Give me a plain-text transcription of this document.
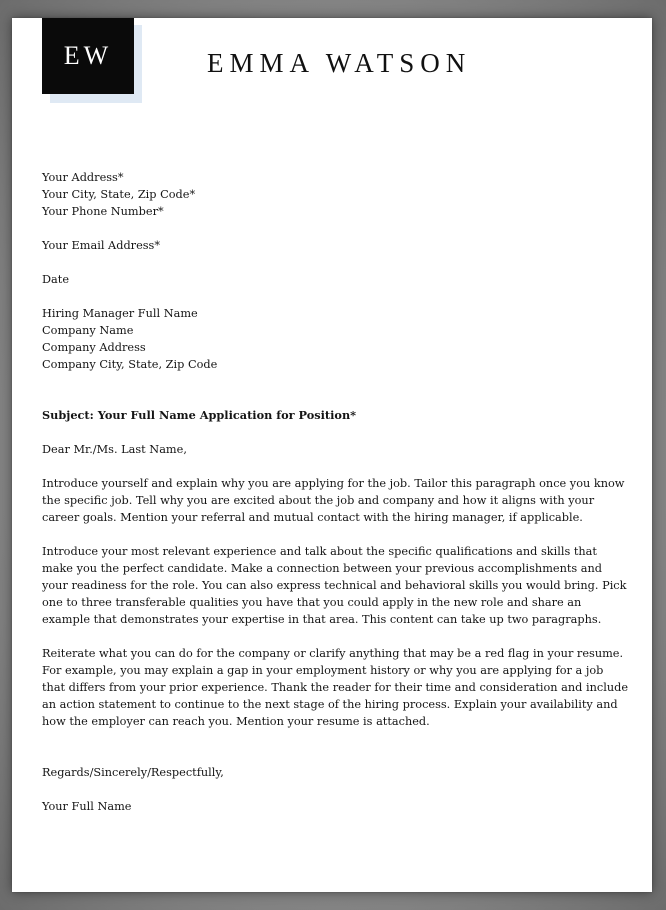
EW	EMMA WATSON
Your Address*
Your City, State, Zip Code*
Your Phone Number*
Your Email Address*
Date
Hiring Manager Full Name
Company Name
Company Address
Company City, State, Zip Code
Subject: Your Full Name Application for Position*
Dear Mr./Ms. Last Name,

Introduce yourself and explain why you are applying for the job. Tailor this paragraph once you know

the specific job. Tell why you are excited about the job and company and how it aligns with your

career goals. Mention your referral and mutual contact with the hiring manager, if applicable.

Introduce your most relevant experience and talk about the specific qualifications and skills that

make you the perfect candidate. Make a connection between your previous accomplishments and

your readiness for the role. You can also express technical and behavioral skills you would bring. Pick

one to three transferable qualities you have that you could apply in the new role and share an

example that demonstrates your expertise in that area. This content can take up two paragraphs.

Reiterate what you can do for the company or clarify anything that may be a red flag in your resume.

For example, you may explain a gap in your employment history or why you are applying for a job

that differs from your prior experience. Thank the reader for their time and consideration and include

an action statement to continue to the next stage of the hiring process. Explain your availability and

how the employer can reach you. Mention your resume is attached.

Regards/Sincerely/Respectfully,
Your Full Name
